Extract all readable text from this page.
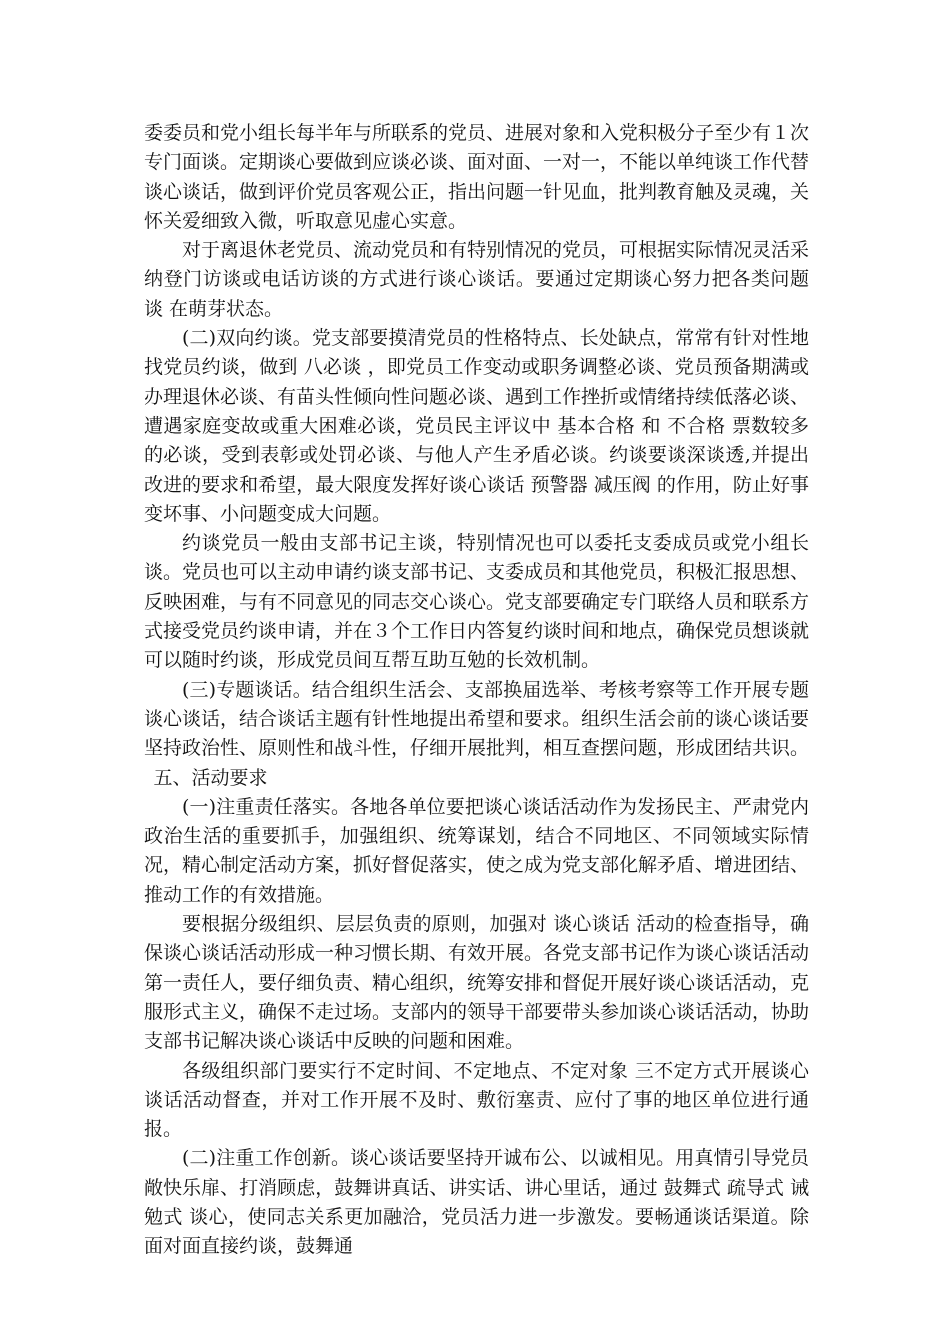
委委员和党小组长每半年与所联系的党员、进展对象和入党积极分子至少有１次专门面谈。定期谈心要做到应谈必谈、面对面、一对一，不能以单纯谈工作代替谈心谈话，做到评价党员客观公正，指出问题一针见血，批判教育触及灵魂，关怀关爱细致入微，听取意见虚心实意。

对于离退休老党员、流动党员和有特别情况的党员，可根据实际情况灵活采纳登门访谈或电话访谈的方式进行谈心谈话。要通过定期谈心努力把各类问题 谈 在萌芽状态。

(二)双向约谈。党支部要摸清党员的性格特点、长处缺点，常常有针对性地找党员约谈，做到 八必谈 ，即党员工作变动或职务调整必谈、党员预备期满或办理退休必谈、有苗头性倾向性问题必谈、遇到工作挫折或情绪持续低落必谈、遭遇家庭变故或重大困难必谈，党员民主评议中 基本合格 和 不合格 票数较多的必谈，受到表彰或处罚必谈、与他人产生矛盾必谈。约谈要谈深谈透,并提出改进的要求和希望，最大限度发挥好谈心谈话 预警器 减压阀 的作用，防止好事变坏事、小问题变成大问题。

约谈党员一般由支部书记主谈，特别情况也可以委托支委成员或党小组长谈。党员也可以主动申请约谈支部书记、支委成员和其他党员，积极汇报思想、反映困难，与有不同意见的同志交心谈心。党支部要确定专门联络人员和联系方式接受党员约谈申请，并在３个工作日内答复约谈时间和地点，确保党员想谈就可以随时约谈，形成党员间互帮互助互勉的长效机制。

(三)专题谈话。结合组织生活会、支部换届选举、考核考察等工作开展专题谈心谈话，结合谈话主题有针性地提出希望和要求。组织生活会前的谈心谈话要坚持政治性、原则性和战斗性，仔细开展批判，相互查摆问题，形成团结共识。

五、活动要求

(一)注重责任落实。各地各单位要把谈心谈话活动作为发扬民主、严肃党内政治生活的重要抓手，加强组织、统筹谋划，结合不同地区、不同领域实际情况，精心制定活动方案，抓好督促落实，使之成为党支部化解矛盾、增进团结、推动工作的有效措施。

要根据分级组织、层层负责的原则，加强对 谈心谈话 活动的检查指导，确保谈心谈话活动形成一种习惯长期、有效开展。各党支部书记作为谈心谈话活动第一责任人，要仔细负责、精心组织，统筹安排和督促开展好谈心谈话活动，克服形式主义，确保不走过场。支部内的领导干部要带头参加谈心谈话活动，协助支部书记解决谈心谈话中反映的问题和困难。

各级组织部门要实行不定时间、不定地点、不定对象 三不定方式开展谈心谈话活动督查，并对工作开展不及时、敷衍塞责、应付了事的地区单位进行通报。

(二)注重工作创新。谈心谈话要坚持开诚布公、以诚相见。用真情引导党员敞快乐扉、打消顾虑，鼓舞讲真话、讲实话、讲心里话，通过 鼓舞式 疏导式 诫勉式 谈心，使同志关系更加融洽，党员活力进一步激发。要畅通谈话渠道。除面对面直接约谈，鼓舞通
